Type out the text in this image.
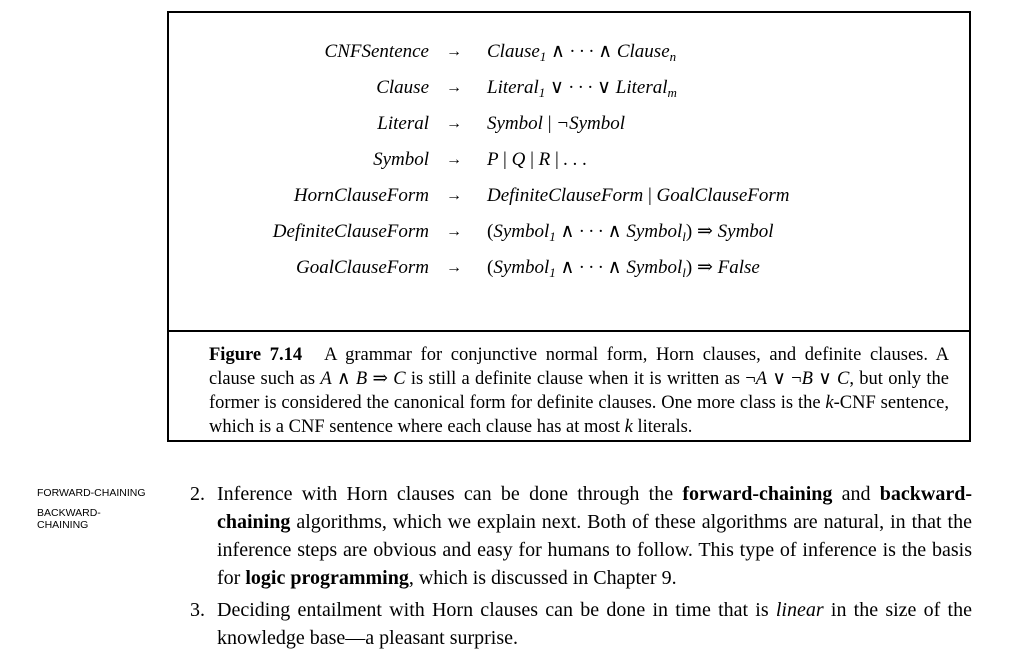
CNFSentence → Clause$_1$ ∧ · · · ∧ Clause$_n$
Clause → Literal$_1$ ∨ · · · ∨ Literal$_m$
Literal → Symbol | ¬Symbol
Symbol → P | Q | R | . . .
HornClauseForm → DefiniteClauseForm | GoalClauseForm
DefiniteClauseForm → (Symbol$_1$ ∧ · · · ∧ Symbol$_l$) ⇒ Symbol
GoalClauseForm → (Symbol$_1$ ∧ · · · ∧ Symbol$_l$) ⇒ False
Figure 7.14 A grammar for conjunctive normal form, Horn clauses, and definite clauses. A clause such as A ∧ B ⇒ C is still a definite clause when it is written as ¬A ∨ ¬B ∨ C, but only the former is considered the canonical form for definite clauses. One more class is the k-CNF sentence, which is a CNF sentence where each clause has at most k literals.
FORWARD-CHAINING
BACKWARD-
CHAINING
2. Inference with Horn clauses can be done through the forward-chaining and backward-chaining algorithms, which we explain next. Both of these algorithms are natural, in that the inference steps are obvious and easy for humans to follow. This type of inference is the basis for logic programming, which is discussed in Chapter 9.
3. Deciding entailment with Horn clauses can be done in time that is linear in the size of the knowledge base—a pleasant surprise.
